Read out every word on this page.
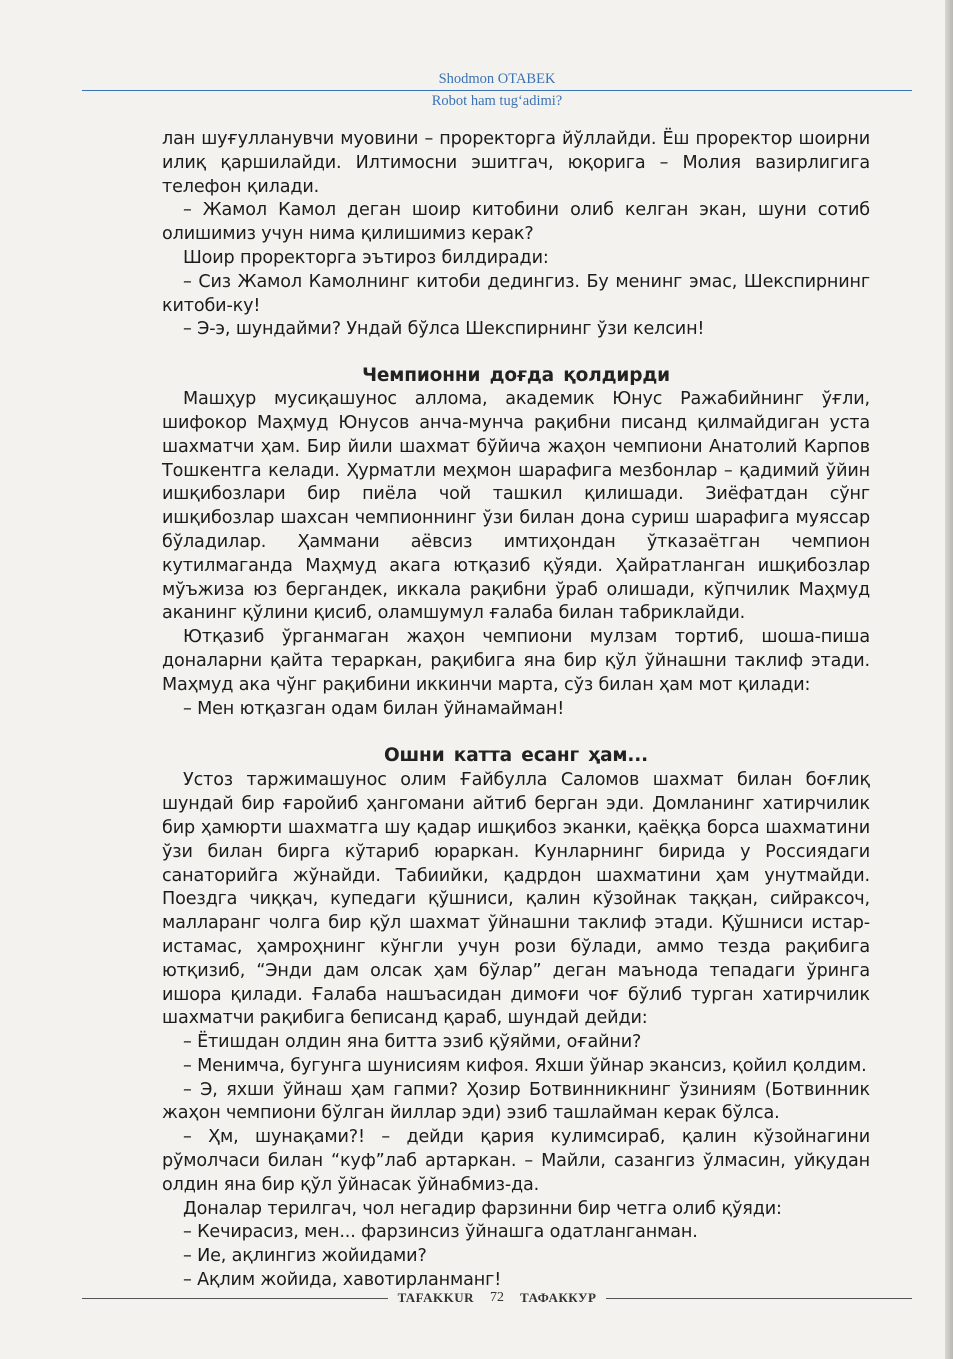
Shodmon OTABEK
Robot ham tug‘adimi?

лан шуғулланувчи муовини – проректорга йўллайди. Ёш проректор шоирни илиқ қаршилайди. Илтимосни эшитгач, юқорига – Молия вазирлигига телефон қилади.

– Жамол Камол деган шоир китобини олиб келган экан, шуни сотиб олишимиз учун нима қилишимиз керак?

Шоир проректорга эътироз билдиради:

– Сиз Жамол Камолнинг китоби дедингиз. Бу менинг эмас, Шекспирнинг китоби-ку!

– Э-э, шундайми? Ундай бўлса Шекспирнинг ўзи келсин!

Чемпионни доғда қолдирди

Машҳур мусиқашунос аллома, академик Юнус Ражабийнинг ўғли, шифокор Маҳмуд Юнусов анча-мунча рақибни писанд қилмайдиган уста шахматчи ҳам. Бир йили шахмат бўйича жаҳон чемпиони Анатолий Карпов Тошкентга келади. Ҳурматли меҳмон шарафига мезбонлар – қадимий ўйин ишқибозлари бир пиёла чой ташкил қилишади. Зиёфатдан сўнг ишқибозлар шахсан чемпионнинг ўзи билан дона суриш шарафига муяссар бўладилар. Ҳаммани аёвсиз имтиҳондан ўтказаётган чемпион кутилмаганда Маҳмуд акага ютқазиб қўяди. Ҳайратланган ишқибозлар мўъжиза юз бергандек, иккала рақибни ўраб олишади, кўпчилик Маҳмуд аканинг қўлини қисиб, оламшумул ғалаба билан табриклайди.

Ютқазиб ўрганмаган жаҳон чемпиони мулзам тортиб, шоша-пиша доналарни қайта тераркан, рақибига яна бир қўл ўйнашни таклиф этади. Маҳмуд ака чўнг рақибини иккинчи марта, сўз билан ҳам мот қилади:

– Мен ютқазган одам билан ўйнамайман!

Ошни катта есанг ҳам...

Устоз таржимашунос олим Ғайбулла Саломов шахмат билан боғлиқ шундай бир ғаройиб ҳангомани айтиб берган эди. Домланинг хатирчилик бир ҳамюрти шахматга шу қадар ишқибоз эканки, қаёққа борса шахматини ўзи билан бирга кўтариб юраркан. Кунларнинг бирида у Россиядаги санаторийга жўнайди. Табиийки, қадрдон шахматини ҳам унутмайди. Поездга чиққач, купедаги қўшниси, қалин кўзойнак таққан, сийраксоч, малларанг чолга бир қўл шахмат ўйнашни таклиф этади. Қўшниси истар-истамас, ҳамроҳнинг кўнгли учун рози бўлади, аммо тезда рақибига ютқизиб, “Энди дам олсак ҳам бўлар” деган маънода тепадаги ўринга ишора қилади. Ғалаба нашъасидан димоғи чоғ бўлиб турган хатирчилик шахматчи рақибига беписанд қараб, шундай дейди:

– Ётишдан олдин яна битта эзиб қўяйми, оғайни?

– Менимча, бугунга шунисиям кифоя. Яхши ўйнар экансиз, қойил қолдим.

– Э, яхши ўйнаш ҳам гапми? Ҳозир Ботвинникнинг ўзиниям (Ботвинник жаҳон чемпиони бўлган йиллар эди) эзиб ташлайман керак бўлса.

– Ҳм, шунақами?! – дейди қария кулимсираб, қалин кўзойнагини рўмолчаси билан “куф”лаб артаркан. – Майли, сазангиз ўлмасин, уйқудан олдин яна бир қўл ўйнасак ўйнабмиз-да.

Доналар терилгач, чол негадир фарзинни бир четга олиб қўяди:

– Кечирасиз, мен... фарзинсиз ўйнашга одатланганман.

– Ие, ақлингиз жойидами?

– Ақлим жойида, хавотирланманг!

TAFAKKUR	72	ТАФАККУР
